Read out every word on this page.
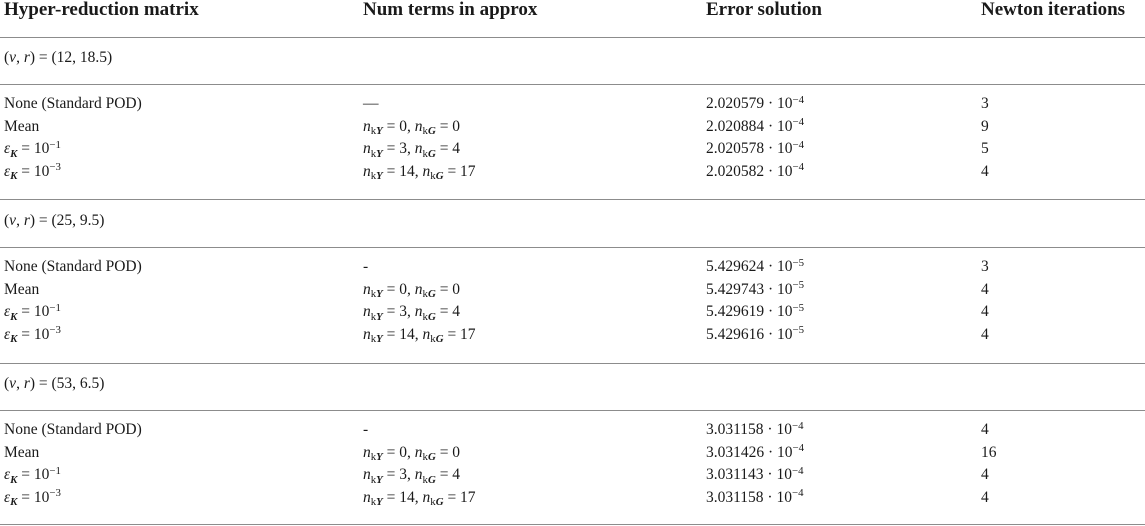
Hyper-reduction matrix	Num terms in approx	Error solution	Newton iterations
(v, r) = (12, 18.5)
None (Standard POD)	—	$2.020579 \cdot 10^{-4}$	3
Mean	$n_{kY} = 0$, $n_{kG} = 0$	$2.020884 \cdot 10^{-4}$	9
$\varepsilon_K = 10^{-1}$	$n_{kY} = 3$, $n_{kG} = 4$	$2.020578 \cdot 10^{-4}$	5
$\varepsilon_K = 10^{-3}$	$n_{kY} = 14$, $n_{kG} = 17$	$2.020582 \cdot 10^{-4}$	4
(v, r) = (25, 9.5)
None (Standard POD)	-	$5.429624 \cdot 10^{-5}$	3
Mean	$n_{kY} = 0$, $n_{kG} = 0$	$5.429743 \cdot 10^{-5}$	4
$\varepsilon_K = 10^{-1}$	$n_{kY} = 3$, $n_{kG} = 4$	$5.429619 \cdot 10^{-5}$	4
$\varepsilon_K = 10^{-3}$	$n_{kY} = 14$, $n_{kG} = 17$	$5.429616 \cdot 10^{-5}$	4
(v, r) = (53, 6.5)
None (Standard POD)	-	$3.031158 \cdot 10^{-4}$	4
Mean	$n_{kY} = 0$, $n_{kG} = 0$	$3.031426 \cdot 10^{-4}$	16
$\varepsilon_K = 10^{-1}$	$n_{kY} = 3$, $n_{kG} = 4$	$3.031143 \cdot 10^{-4}$	4
$\varepsilon_K = 10^{-3}$	$n_{kY} = 14$, $n_{kG} = 17$	$3.031158 \cdot 10^{-4}$	4
